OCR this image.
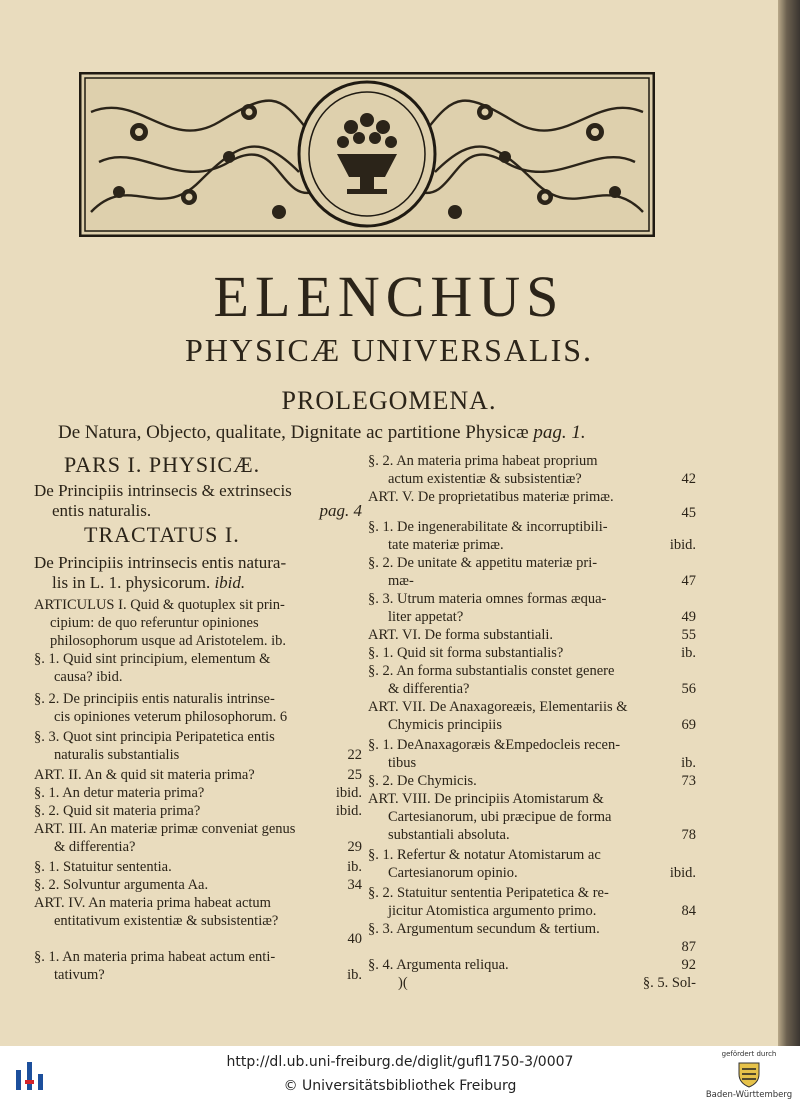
ELENCHUS
PHYSICÆ UNIVERSALIS.
PROLEGOMENA.
De Natura, Objecto, qualitate, Dignitate ac partitione Physicæ pag. 1.
PARS I. PHYSICÆ.
De Principiis intrinsecis & extrinsecis
entis naturalis.	pag. 4
TRACTATUS I.
De Principiis intrinsecis entis natura-
lis in L. 1. physicorum. ibid.
ARTICULUS I. Quid & quotuplex sit prin-
cipium: de quo referuntur opiniones
philosophorum usque ad Aristotelem. ib.
§. 1. Quid sint principium, elementum &
causa? ibid.
§. 2. De principiis entis naturalis intrinse-
cis opiniones veterum philosophorum. 6
§. 3. Quot sint principia Peripatetica entis
naturalis substantialis	22
ART. II. An & quid sit materia prima?	25
§. 1. An detur materia prima?	ibid.
§. 2. Quid sit materia prima?	ibid.
ART. III. An materiæ primæ conveniat genus
& differentia?	29
§. 1. Statuitur sententia.	ib.
§. 2. Solvuntur argumenta Aa.	34
ART. IV. An materia prima habeat actum
entitativum existentiæ & subsistentiæ?
40
§. 1. An materia prima habeat actum enti-
tativum?	ib.
§. 2. An materia prima habeat proprium
actum existentiæ & subsistentiæ?	42
ART. V. De proprietatibus materiæ primæ.
45
§. 1. De ingenerabilitate & incorruptibili-
tate materiæ primæ.	ibid.
§. 2. De unitate & appetitu materiæ pri-
mæ-	47
§. 3. Utrum materia omnes formas æqua-
liter appetat?	49
ART. VI. De forma substantiali.	55
§. 1. Quid sit forma substantialis?	ib.
§. 2. An forma substantialis constet genere
& differentia?	56
ART. VII. De Anaxagoreæis, Elementariis &
Chymicis principiis	69
§. 1. DeAnaxagoræis &Empedocleis recen-
tibus	ib.
§. 2. De Chymicis.	73
ART. VIII. De principiis Atomistarum &
Cartesianorum, ubi præcipue de forma
substantiali absoluta.	78
§. 1. Refertur & notatur Atomistarum ac
Cartesianorum opinio.	ibid.
§. 2. Statuitur sententia Peripatetica & re-
jicitur Atomistica argumento primo.	84
§. 3. Argumentum secundum & tertium.
87
§. 4. Argumenta reliqua.	92
)(	§. 5. Sol-
http://dl.ub.uni-freiburg.de/diglit/gufl1750-3/0007
© Universitätsbibliothek Freiburg
gefördert durch
Baden-Württemberg
